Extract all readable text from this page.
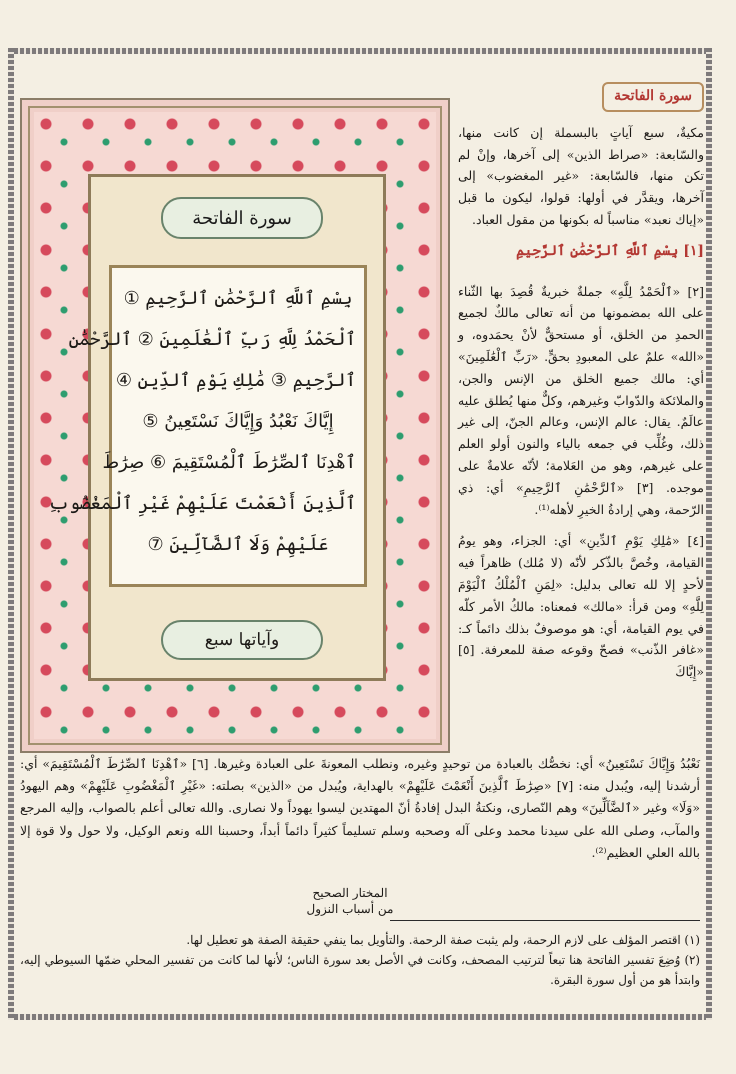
سورة الفاتحة
بِسْمِ ٱللَّهِ ٱلرَّحْمَٰنِ ٱلرَّحِيمِ ①
ٱلْحَمْدُ لِلَّهِ رَبِّ ٱلْعَٰلَمِينَ ② ٱلرَّحْمَٰنِ
ٱلرَّحِيمِ ③ مَٰلِكِ يَوْمِ ٱلدِّينِ ④
إِيَّاكَ نَعْبُدُ وَإِيَّاكَ نَسْتَعِينُ ⑤
ٱهْدِنَا ٱلصِّرَٰطَ ٱلْمُسْتَقِيمَ ⑥ صِرَٰطَ
ٱلَّذِينَ أَنْعَمْتَ عَلَيْهِمْ غَيْرِ ٱلْمَغْضُوبِ
عَلَيْهِمْ وَلَا ٱلضَّآلِّينَ ⑦
وآياتها سبع
سورة الفاتحة

مكيةٌ، سبع آياتٍ بالبسملة إن كانت منها، والسّابعة: «صراط الذين» إلى آخرها، وإنْ لم تكن منها، فالسّابعة: «غير المغضوب» إلى آخرها، ويقدَّر في أولها: قولوا، ليكون ما قبل «إياك نعبد» مناسباً له بكونها من مقول العباد.

[١] بِسْمِ ٱللَّهِ ٱلرَّحْمَٰنِ ٱلرَّحِيمِ

[٢] «ٱلْحَمْدُ لِلَّهِ» جملةٌ خبريةٌ قُصِدَ بها الثّناء على الله بمضمونها من أنه تعالى مالكٌ لجميع الحمدِ من الخلق، أو مستحقٌّ لأنْ يحمَدوه، و «الله» علمٌ على المعبودِ بحقٍّ. «رَبِّ ٱلْعَٰلَمِينَ» أي: مالك جميع الخلق من الإنس والجن، والملائكة والدّوابّ وغيرهم، وكلٌّ منها يُطلق عليه عالَمٌ. يقال: عالم الإنس، وعالم الجنّ، إلى غير ذلك، وغُلِّب في جمعه بالياء والنون أولو العلم على غيرهم، وهو من العَلامة؛ لأنّه علامةٌ على موجده. [٣] «ٱلرَّحْمَٰنِ ٱلرَّحِيمِ» أي: ذي الرّحمة، وهي إرادةُ الخيرِ لأهله⁽¹⁾.

[٤] «مَٰلِكِ يَوْمِ ٱلدِّينِ» أي: الجزاء، وهو يومُ القيامة، وخُصَّ بالذّكر لأنّه (لا مُلك) ظاهراً فيه لأحدٍ إلا لله تعالى بدليل: «لِمَنِ ٱلْمُلْكُ ٱلْيَوْمَ لِلَّهِ» ومن قرأ: «مالك» فمعناه: مالكُ الأمر كلّه في يوم القيامة، أي: هو موصوفٌ بذلك دائماً كـ: «غافر الذّنب» فصحّ وقوعه صفة للمعرفة. [٥] «إِيَّاكَ

نَعْبُدُ وَإِيَّاكَ نَسْتَعِينُ» أي: نخصُّك بالعبادة من توحيدٍ وغيره، ونطلب المعونةَ على العبادة وغيرها. [٦] «ٱهْدِنَا ٱلصِّرَٰطَ ٱلْمُسْتَقِيمَ» أي: أرشدنا إليه، ويُبدل منه: [٧] «صِرَٰطَ ٱلَّذِينَ أَنْعَمْتَ عَلَيْهِمْ» بالهداية، ويُبدل من «الذين» بصلته: «غَيْرِ ٱلْمَغْضُوبِ عَلَيْهِمْ» وهم اليهودُ «وَلَا» وغير «ٱلضَّآلِّينَ» وهم النّصارى، ونكتةُ البدل إفادةُ أنّ المهتدين ليسوا يهوداً ولا نصارى. والله تعالى أعلم بالصواب، وإليه المرجع والمآب، وصلى الله على سيدنا محمد وعلى آله وصحبه وسلم تسليماً كثيراً دائماً أبداً، وحسبنا الله ونعم الوكيل، ولا حول ولا قوة إلا بالله العلي العظيم⁽²⁾.
المختار الصحيح
من أسباب النزول
(١) اقتصر المؤلف على لازم الرحمة، ولم يثبت صفة الرحمة. والتأويل بما ينفي حقيقة الصفة هو تعطيل لها.
(٢) وُضِعَ تفسير الفاتحة هنا تبعاً لترتيب المصحف، وكانت في الأصل بعد سورة الناس؛ لأنها لما كانت من تفسير المحلي ضمّها السيوطي إليه، وابتدأ هو من أول سورة البقرة.
